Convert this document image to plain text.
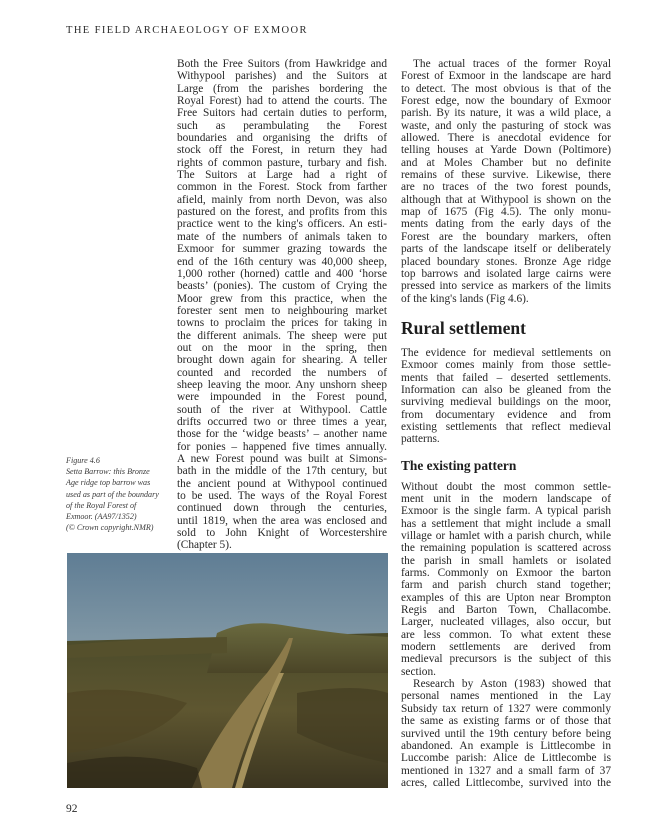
THE FIELD ARCHAEOLOGY OF EXMOOR

Both the Free Suitors (from Hawkridge and
Withypool parishes) and the Suitors at
Large (from the parishes bordering the
Royal Forest) had to attend the courts. The
Free Suitors had certain duties to perform,
such as perambulating the Forest
boundaries and organising the drifts of
stock off the Forest, in return they had
rights of common pasture, turbary and fish.
The Suitors at Large had a right of
common in the Forest. Stock from farther
afield, mainly from north Devon, was also
pastured on the forest, and profits from this
practice went to the king's officers. An esti-
mate of the numbers of animals taken to
Exmoor for summer grazing towards the
end of the 16th century was 40,000 sheep,
1,000 rother (horned) cattle and 400 ‘horse
beasts’ (ponies). The custom of Crying the
Moor grew from this practice, when the
forester sent men to neighbouring market
towns to proclaim the prices for taking in
the different animals. The sheep were put
out on the moor in the spring, then
brought down again for shearing. A teller
counted and recorded the numbers of
sheep leaving the moor. Any unshorn sheep
were impounded in the Forest pound,
south of the river at Withypool. Cattle
drifts occurred two or three times a year,
those for the ‘widge beasts’ – another name
for ponies – happened five times annually.
A new Forest pound was built at Simons-
bath in the middle of the 17th century, but
the ancient pound at Withypool continued
to be used. The ways of the Royal Forest
continued down through the centuries,
until 1819, when the area was enclosed and
sold to John Knight of Worcestershire
(Chapter 5).

Figure 4.6
Setta Barrow: this Bronze
Age ridge top barrow was
used as part of the boundary
of the Royal Forest of
Exmoor. (AA97/1352)
(© Crown copyright.NMR)

The actual traces of the former Royal
Forest of Exmoor in the landscape are hard
to detect. The most obvious is that of the
Forest edge, now the boundary of Exmoor
parish. By its nature, it was a wild place, a
waste, and only the pasturing of stock was
allowed. There is anecdotal evidence for
telling houses at Yarde Down (Poltimore)
and at Moles Chamber but no definite
remains of these survive. Likewise, there
are no traces of the two forest pounds,
although that at Withypool is shown on the
map of 1675 (Fig 4.5). The only monu-
ments dating from the early days of the
Forest are the boundary markers, often
parts of the landscape itself or deliberately
placed boundary stones. Bronze Age ridge
top barrows and isolated large cairns were
pressed into service as markers of the limits
of the king's lands (Fig 4.6).

Rural settlement

The evidence for medieval settlements on
Exmoor comes mainly from those settle-
ments that failed – deserted settlements.
Information can also be gleaned from the
surviving medieval buildings on the moor,
from documentary evidence and from
existing settlements that reflect medieval
patterns.

The existing pattern

Without doubt the most common settle-
ment unit in the modern landscape of
Exmoor is the single farm. A typical parish
has a settlement that might include a small
village or hamlet with a parish church, while
the remaining population is scattered across
the parish in small hamlets or isolated
farms. Commonly on Exmoor the barton
farm and parish church stand together;
examples of this are Upton near Brompton
Regis and Barton Town, Challacombe.
Larger, nucleated villages, also occur, but
are less common. To what extent these
modern settlements are derived from
medieval precursors is the subject of this
section.

Research by Aston (1983) showed that
personal names mentioned in the Lay
Subsidy tax return of 1327 were commonly
the same as existing farms or of those that
survived until the 19th century before being
abandoned. An example is Littlecombe in
Luccombe parish: Alice de Littlecombe is
mentioned in 1327 and a small farm of 37
acres, called Littlecombe, survived into the

92
